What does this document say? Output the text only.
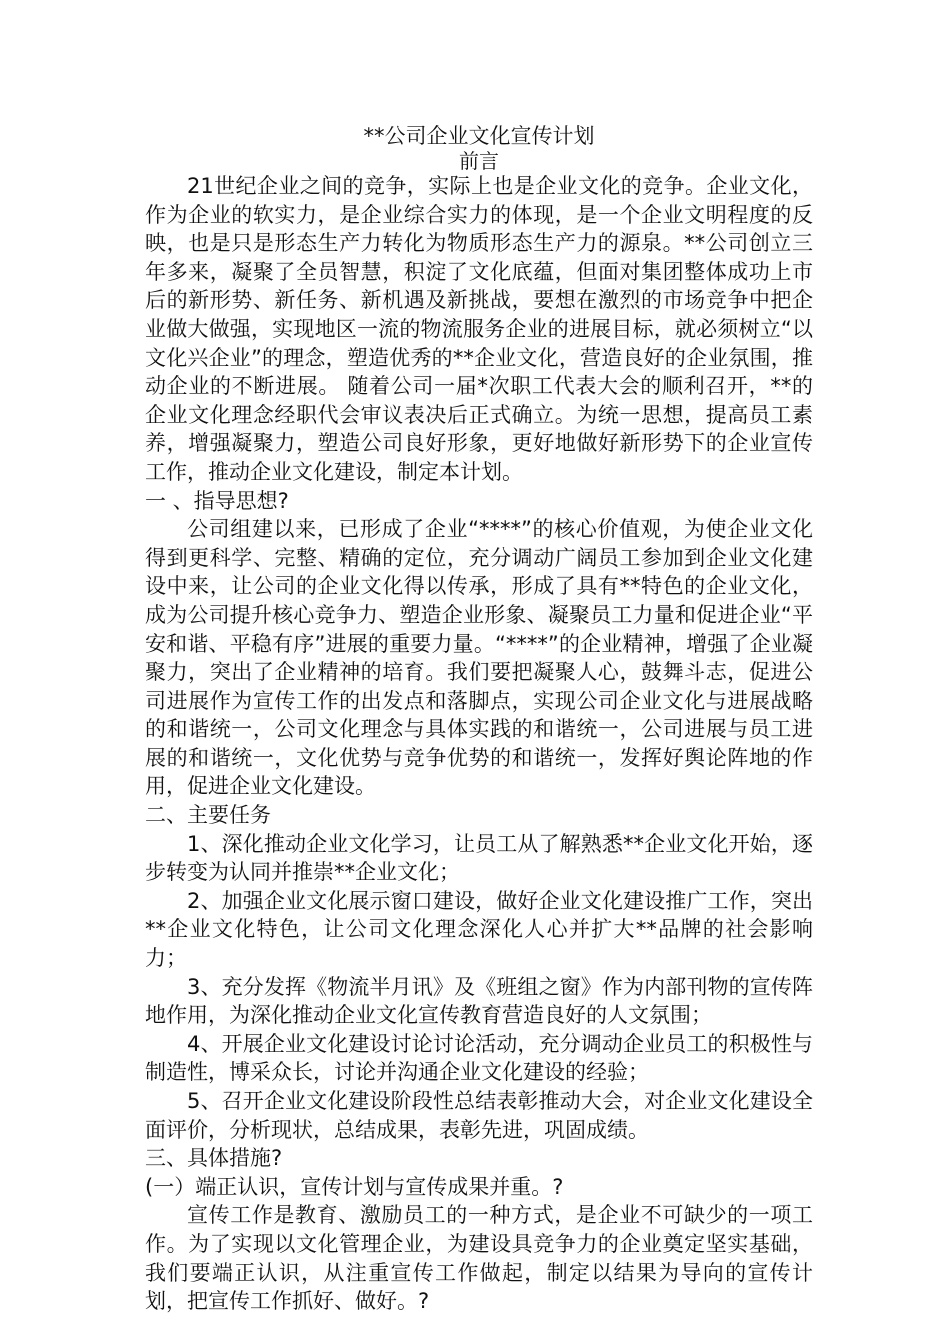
**公司企业文化宣传计划
前言

21世纪企业之间的竞争，实际上也是企业文化的竞争。企业文化，作为企业的软实力，是企业综合实力的体现，是一个企业文明程度的反映，也是只是形态生产力转化为物质形态生产力的源泉。**公司创立三年多来，凝聚了全员智慧，积淀了文化底蕴，但面对集团整体成功上市后的新形势、新任务、新机遇及新挑战，要想在激烈的市场竞争中把企业做大做强，实现地区一流的物流服务企业的进展目标，就必须树立“以文化兴企业”的理念，塑造优秀的**企业文化，营造良好的企业氛围，推动企业的不断进展。 随着公司一届*次职工代表大会的顺利召开，**的企业文化理念经职代会审议表决后正式确立。为统一思想，提高员工素养，增强凝聚力，塑造公司良好形象，更好地做好新形势下的企业宣传工作，推动企业文化建设，制定本计划。

一 、指导思想?

公司组建以来，已形成了企业“****”的核心价值观，为使企业文化得到更科学、完整、精确的定位，充分调动广阔员工参加到企业文化建设中来，让公司的企业文化得以传承，形成了具有**特色的企业文化，成为公司提升核心竞争力、塑造企业形象、凝聚员工力量和促进企业“平安和谐、平稳有序”进展的重要力量。“****”的企业精神，增强了企业凝聚力，突出了企业精神的培育。我们要把凝聚人心，鼓舞斗志，促进公司进展作为宣传工作的出发点和落脚点，实现公司企业文化与进展战略的和谐统一，公司文化理念与具体实践的和谐统一，公司进展与员工进展的和谐统一，文化优势与竞争优势的和谐统一，发挥好舆论阵地的作用，促进企业文化建设。

二、主要任务

1、深化推动企业文化学习，让员工从了解熟悉**企业文化开始，逐步转变为认同并推崇**企业文化；

2、加强企业文化展示窗口建设，做好企业文化建设推广工作，突出**企业文化特色，让公司文化理念深化人心并扩大**品牌的社会影响力；

3、充分发挥《物流半月讯》及《班组之窗》作为内部刊物的宣传阵地作用，为深化推动企业文化宣传教育营造良好的人文氛围；

4、开展企业文化建设讨论讨论活动，充分调动企业员工的积极性与制造性，博采众长，讨论并沟通企业文化建设的经验；

5、召开企业文化建设阶段性总结表彰推动大会，对企业文化建设全面评价，分析现状，总结成果，表彰先进，巩固成绩。

三、具体措施?

(一）端正认识，宣传计划与宣传成果并重。?

宣传工作是教育、激励员工的一种方式，是企业不可缺少的一项工作。为了实现以文化管理企业，为建设具竞争力的企业奠定坚实基础，我们要端正认识，从注重宣传工作做起，制定以结果为导向的宣传计划，把宣传工作抓好、做好。?
